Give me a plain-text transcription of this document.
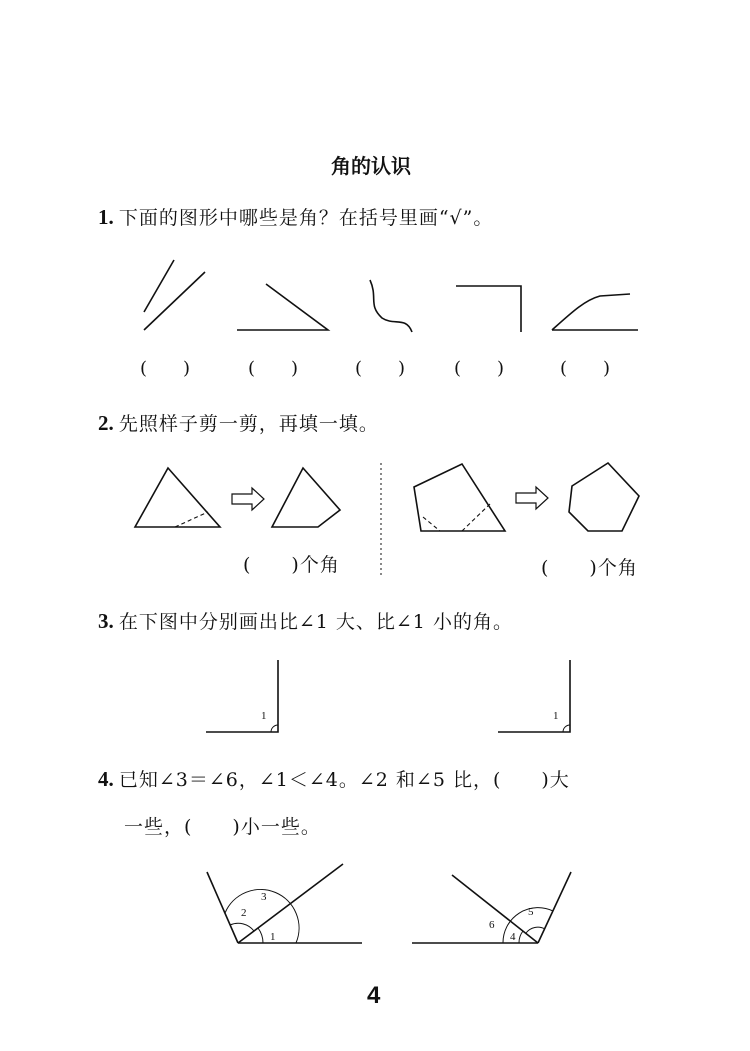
角的认识
1. 下面的图形中哪些是角？在括号里画“√”。
(　　)	(　　)	(　　)	(　　)	(　　)
2. 先照样子剪一剪，再填一填。
(　　)个角	(　　)个角
3. 在下图中分别画出比∠1 大、比∠1 小的角。
1	1
4. 已知∠3＝∠6，∠1＜∠4。∠2 和∠5 比，(　　)大
一些，(　　)小一些。
1
2
3
4
5
6
4
